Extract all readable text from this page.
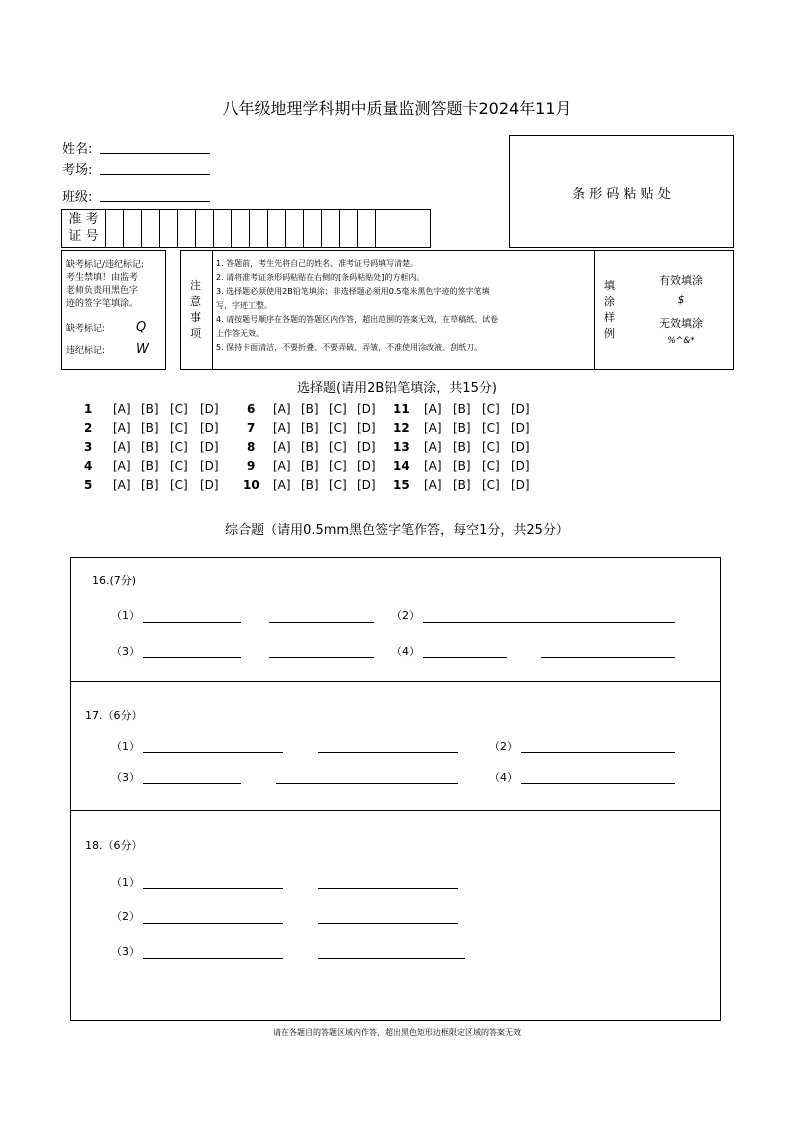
八年级地理学科期中质量监测答题卡2024年11月
姓名:
考场:
班级:
准 考
证 号
条 形 码 粘 贴 处
缺考标记/违纪标记:
考生禁填！由监考
老师负责用黑色字
迹的签字笔填涂。
缺考标记: Q
违纪标记: W
注
意
事
项
1. 答题前，考生先将自己的姓名、准考证号码填写清楚。
2. 请将准考证条形码粘贴在右侧的[条码粘贴处]的方框内。
3. 选择题必须使用2B铅笔填涂；非选择题必须用0.5毫米黑色字迹的签字笔填
写，字迹工整。
4. 请按题号顺序在各题的答题区内作答，超出范围的答案无效，在草稿纸、试卷
上作答无效。
5. 保持卡面清洁，不要折叠、不要弄破、弄皱，不准使用涂改液、刮纸刀。
填
涂
样
例
有效填涂
$
无效填涂
%^&*
选择题(请用2B铅笔填涂，共15分)
1 [A] [B] [C] [D] 6 [A] [B] [C] [D] 11 [A] [B] [C] [D]
2 [A] [B] [C] [D] 7 [A] [B] [C] [D] 12 [A] [B] [C] [D]
3 [A] [B] [C] [D] 8 [A] [B] [C] [D] 13 [A] [B] [C] [D]
4 [A] [B] [C] [D] 9 [A] [B] [C] [D] 14 [A] [B] [C] [D]
5 [A] [B] [C] [D] 10 [A] [B] [C] [D] 15 [A] [B] [C] [D]
综合题（请用0.5mm黑色签字笔作答，每空1分，共25分）
16.(7分)
（1）	（2）
（3）	（4）
17.（6分）
（1）	（2）
（3）	（4）
18.（6分）
（1）
（2）
（3）
请在各题目的答题区域内作答，超出黑色矩形边框限定区域的答案无效
